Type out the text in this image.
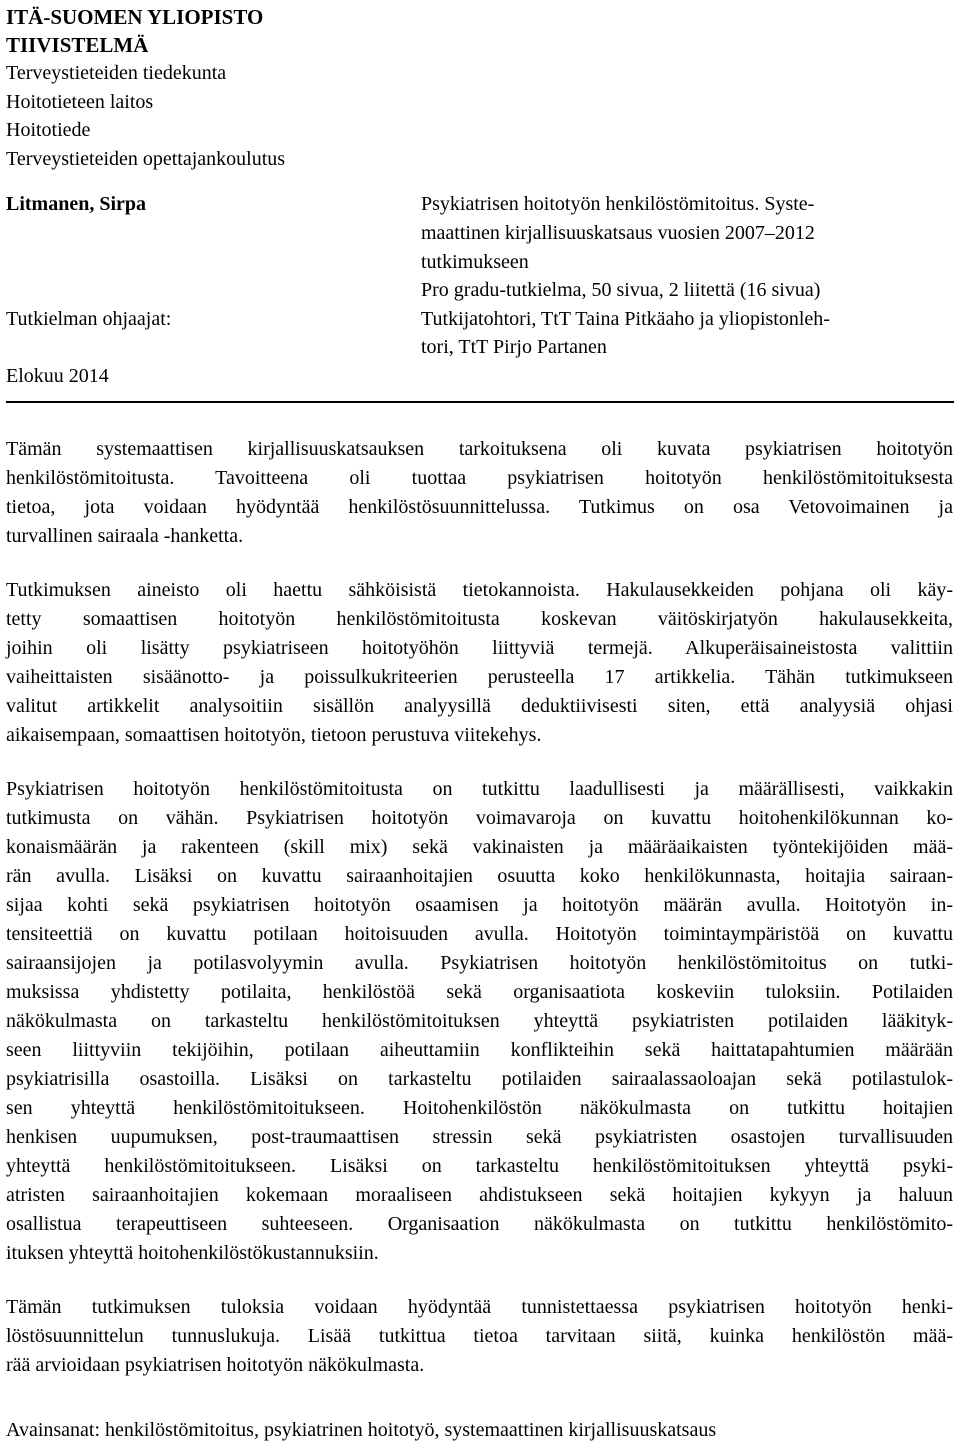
ITÄ-SUOMEN YLIOPISTO
TIIVISTELMÄ
Terveystieteiden tiedekunta
Hoitotieteen laitos
Hoitotiede
Terveystieteiden opettajankoulutus
Litmanen, Sirpa	Psykiatrisen hoitotyön henkilöstömitoitus. Syste-
maattinen kirjallisuuskatsaus vuosien 2007–2012
tutkimukseen
Pro gradu-tutkielma, 50 sivua, 2 liitettä (16 sivua)
Tutkielman ohjaajat:	Tutkijatohtori, TtT Taina Pitkäaho ja yliopistonleh-
tori, TtT Pirjo Partanen
Elokuu 2014
Tämän systemaattisen kirjallisuuskatsauksen tarkoituksena oli kuvata psykiatrisen hoitotyön
henkilöstömitoitusta. Tavoitteena oli tuottaa psykiatrisen hoitotyön henkilöstömitoituksesta
tietoa, jota voidaan hyödyntää henkilöstösuunnittelussa. Tutkimus on osa Vetovoimainen ja
turvallinen sairaala -hanketta.
Tutkimuksen aineisto oli haettu sähköisistä tietokannoista. Hakulausekkeiden pohjana oli käy-
tetty somaattisen hoitotyön henkilöstömitoitusta koskevan väitöskirjatyön hakulausekkeita,
joihin oli lisätty psykiatriseen hoitotyöhön liittyviä termejä. Alkuperäisaineistosta valittiin
vaiheittaisten sisäänotto- ja poissulkukriteerien perusteella 17 artikkelia. Tähän tutkimukseen
valitut artikkelit analysoitiin sisällön analyysillä deduktiivisesti siten, että analyysiä ohjasi
aikaisempaan, somaattisen hoitotyön, tietoon perustuva viitekehys.
Psykiatrisen hoitotyön henkilöstömitoitusta on tutkittu laadullisesti ja määrällisesti, vaikkakin
tutkimusta on vähän. Psykiatrisen hoitotyön voimavaroja on kuvattu hoitohenkilökunnan ko-
konaismäärän ja rakenteen (skill mix) sekä vakinaisten ja määräaikaisten työntekijöiden mää-
rän avulla. Lisäksi on kuvattu sairaanhoitajien osuutta koko henkilökunnasta, hoitajia sairaan-
sijaa kohti sekä psykiatrisen hoitotyön osaamisen ja hoitotyön määrän avulla. Hoitotyön in-
tensiteettiä on kuvattu potilaan hoitoisuuden avulla. Hoitotyön toimintaympäristöä on kuvattu
sairaansijojen ja potilasvolyymin avulla. Psykiatrisen hoitotyön henkilöstömitoitus on tutki-
muksissa yhdistetty potilaita, henkilöstöä sekä organisaatiota koskeviin tuloksiin. Potilaiden
näkökulmasta on tarkasteltu henkilöstömitoituksen yhteyttä psykiatristen potilaiden lääkityk-
seen liittyviin tekijöihin, potilaan aiheuttamiin konflikteihin sekä haittatapahtumien määrään
psykiatrisilla osastoilla. Lisäksi on tarkasteltu potilaiden sairaalassaoloajan sekä potilastulok-
sen yhteyttä henkilöstömitoitukseen. Hoitohenkilöstön näkökulmasta on tutkittu hoitajien
henkisen uupumuksen, post-traumaattisen stressin sekä psykiatristen osastojen turvallisuuden
yhteyttä henkilöstömitoitukseen. Lisäksi on tarkasteltu henkilöstömitoituksen yhteyttä psyki-
atristen sairaanhoitajien kokemaan moraaliseen ahdistukseen sekä hoitajien kykyyn ja haluun
osallistua terapeuttiseen suhteeseen. Organisaation näkökulmasta on tutkittu henkilöstömito-
ituksen yhteyttä hoitohenkilöstökustannuksiin.
Tämän tutkimuksen tuloksia voidaan hyödyntää tunnistettaessa psykiatrisen hoitotyön henki-
löstösuunnittelun tunnuslukuja. Lisää tutkittua tietoa tarvitaan siitä, kuinka henkilöstön mää-
rää arvioidaan psykiatrisen hoitotyön näkökulmasta.
Avainsanat: henkilöstömitoitus, psykiatrinen hoitotyö, systemaattinen kirjallisuuskatsaus
